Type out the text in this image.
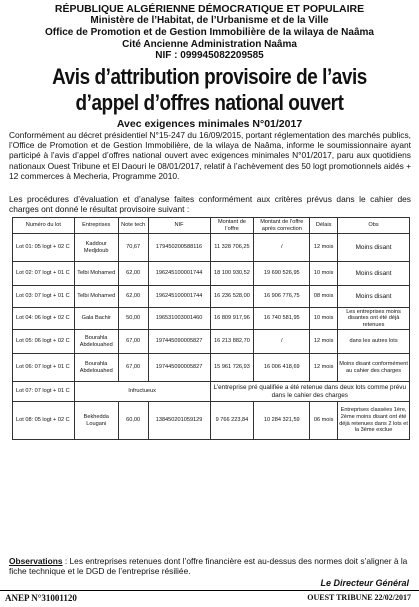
RÉPUBLIQUE ALGÉRIENNE DÉMOCRATIQUE ET POPULAIRE
Ministère de l’Habitat, de l’Urbanisme et de la Ville
Office de Promotion et de Gestion Immobilière de la wilaya de Naâma
Cité Ancienne Administration Naâma
NIF : 099945082209585
Avis d’attribution provisoire de l’avis
d’appel d’offres national ouvert
Avec exigences minimales N°01/2017
Conformément au décret présidentiel N°15-247 du 16/09/2015, portant réglementation des marchés publics, l’Office de Promotion et de Gestion Immobilière, de la wilaya de Naâma, informe le soumissionnaire ayant participé à l’avis d’appel d’offres national ouvert avec exigences minimales N°01/2017, paru aux quotidiens nationaux Ouest Tribune et El Daouri le 08/01/2017, relatif à l’achèvement des 50 logt promotionnels aidés + 12 commerces à Mecheria, Programme 2010.
Les procédures d’évaluation et d’analyse faites conformément aux critères prévus dans le cahier des charges ont donné le résultat provisoire suivant :
Numéro du lot	Entreprises	Note tech	NIF	Montant de l’offre	Montant de l’offre après correction	Délais	Obs
Lot 01: 05 logt + 02 C	Kaddour Medjdoub	70,67	179450200588116	11 328 706,25	/	12 mois	Moins disant
Lot 02: 07 logt + 01 C	Telbi Mohamed	62,00	196245100001744	18 100 930,52	19 690 526,95	10 mois	Moins disant
Lot 03: 07 logt + 01 C	Telbi Mohamed	62,00	196245100001744	16 236 528,00	16 906 776,75	08 mois	Moins disant
Lot 04: 06 logt + 02 C	Gala Bachir	50,00	196531003001460	16 809 917,96	16 740 581,95	10 mois	Les entreprises moins disantes ont été déjà retenues
Lot 05: 06 logt + 02 C	Bourahla Abdelouahed	67,00	197445090005827	16 213 882,70	/	12 mois	dans les autres lots
Lot 06: 07 logt + 01 C	Bourahla Abdelouahed	67,00	197445090005827	15 961 726,93	16 006 418,69	12 mois	Moins disant conformément au cahier des charges
Lot 07: 07 logt + 01 C	Infructueux			L’entreprise pré qualifiée a été retenue dans deux lots comme prévu dans le cahier des charges			
Lot 08: 05 logt + 02 C	Bekhedda Lougani	60,00	138450201059129	9 766 223,84	10 284 321,59	06 mois	Entreprises classées 1ère, 2ème moins disant ont été déjà retenues dans 2 lots et la 3ème exclue
Observations : Les entreprises retenues dont l’offre financière est au-dessus des normes doit s’aligner à la fiche technique et le DGD de l’entreprise résiliée.
Le Directeur Général
ANEP N°31001120	OUEST TRIBUNE 22/02/2017
